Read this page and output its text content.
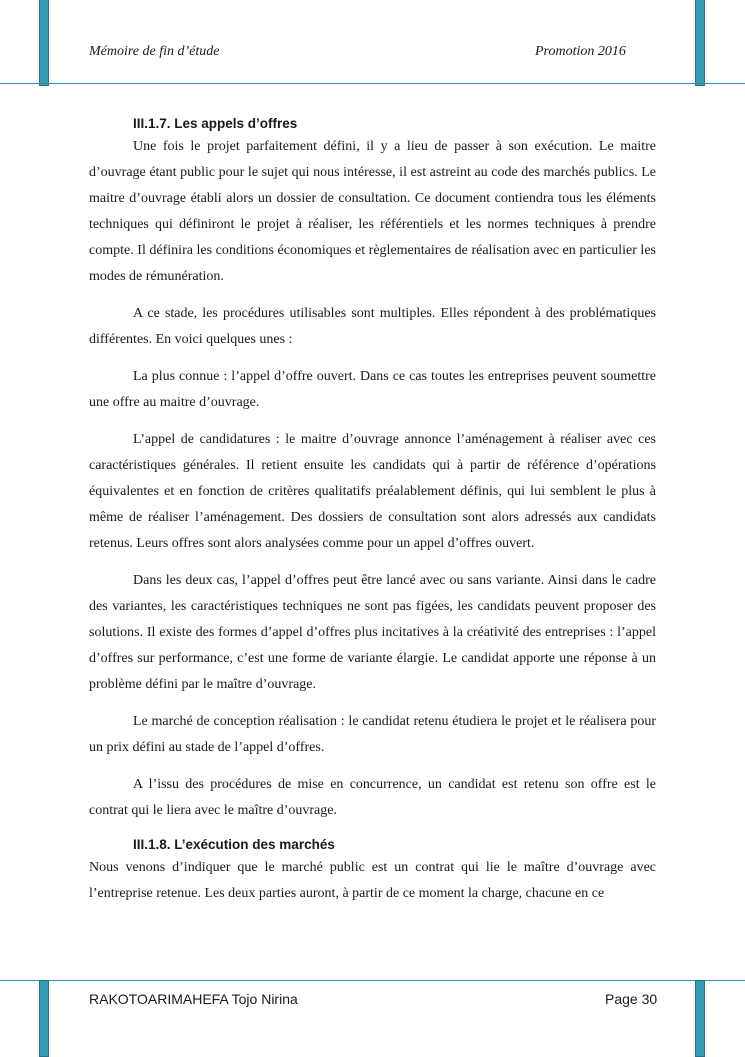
Mémoire de fin d’étude	Promotion 2016
III.1.7. Les appels d’offres

Une fois le projet parfaitement défini, il y a lieu de passer à son exécution. Le maitre d’ouvrage étant public pour le sujet qui nous intéresse, il est astreint au code des marchés publics. Le maitre d’ouvrage établi alors un dossier de consultation. Ce document contiendra tous les éléments techniques qui définiront le projet à réaliser, les référentiels et les normes techniques à prendre compte. Il définira les conditions économiques et règlementaires de réalisation avec en particulier les modes de rémunération.

A ce stade, les procédures utilisables sont multiples. Elles répondent à des problématiques différentes. En voici quelques unes :

La plus connue : l’appel d’offre ouvert. Dans ce cas toutes les entreprises peuvent soumettre une offre au maitre d’ouvrage.

L’appel de candidatures : le maitre d’ouvrage annonce l’aménagement à réaliser avec ces caractéristiques générales. Il retient ensuite les candidats qui à partir de référence d’opérations équivalentes et en fonction de critères qualitatifs préalablement définis, qui lui semblent le plus à même de réaliser l’aménagement. Des dossiers de consultation sont alors adressés aux candidats retenus. Leurs offres sont alors analysées comme pour un appel d’offres ouvert.

Dans les deux cas, l’appel d’offres peut être lancé avec ou sans variante. Ainsi dans le cadre des variantes, les caractéristiques techniques ne sont pas figées, les candidats peuvent proposer des solutions. Il existe des formes d’appel d’offres plus incitatives à la créativité des entreprises : l’appel d’offres sur performance, c’est une forme de variante élargie. Le candidat apporte une réponse à un problème défini par le maître d’ouvrage.

Le marché de conception réalisation : le candidat retenu étudiera le projet et le réalisera pour un prix défini au stade de l’appel d’offres.

A l’issu des procédures de mise en concurrence, un candidat est retenu son offre est le contrat qui le liera avec le maître d’ouvrage.

III.1.8. L’exécution des marchés

Nous venons d’indiquer que le marché public est un contrat qui lie le maître d’ouvrage avec l’entreprise retenue. Les deux parties auront, à partir de ce moment la charge, chacune en ce

RAKOTOARIMAHEFA Tojo Nirina	Page 30
